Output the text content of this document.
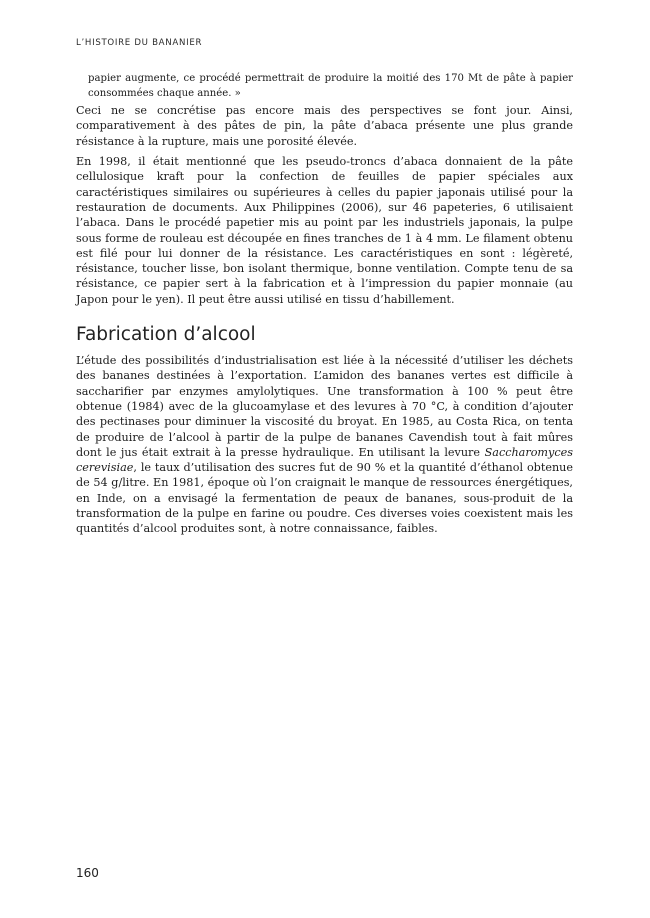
L’HISTOIRE DU BANANIER

papier augmente, ce procédé permettrait de produire la moitié des 170 Mt de pâte à papier consommées chaque année. »

Ceci ne se concrétise pas encore mais des perspectives se font jour. Ainsi, comparativement à des pâtes de pin, la pâte d’abaca présente une plus grande résistance à la rupture, mais une porosité élevée.

En 1998, il était mentionné que les pseudo-troncs d’abaca donnaient de la pâte cellulosique kraft pour la confection de feuilles de papier spéciales aux caractéristiques similaires ou supérieures à celles du papier japonais utilisé pour la restauration de documents. Aux Philippines (2006), sur 46 papeteries, 6 utilisaient l’abaca. Dans le procédé papetier mis au point par les industriels japonais, la pulpe sous forme de rouleau est découpée en fines tranches de 1 à 4 mm. Le filament obtenu est filé pour lui donner de la résistance. Les caractéristiques en sont : légèreté, résistance, toucher lisse, bon isolant thermique, bonne ventilation. Compte tenu de sa résistance, ce papier sert à la fabrication et à l’impression du papier monnaie (au Japon pour le yen). Il peut être aussi utilisé en tissu d’habillement.

Fabrication d’alcool

L’étude des possibilités d’industrialisation est liée à la nécessité d’utiliser les déchets des bananes destinées à l’exportation. L’amidon des bananes vertes est difficile à saccharifier par enzymes amylolytiques. Une transformation à 100 % peut être obtenue (1984) avec de la glucoamylase et des levures à 70 °C, à condition d’ajouter des pectinases pour diminuer la viscosité du broyat. En 1985, au Costa Rica, on tenta de produire de l’alcool à partir de la pulpe de bananes Cavendish tout à fait mûres dont le jus était extrait à la presse hydraulique. En utilisant la levure Saccharomyces cerevisiae, le taux d’utilisation des sucres fut de 90 % et la quantité d’éthanol obtenue de 54 g/litre. En 1981, époque où l’on craignait le manque de ressources énergétiques, en Inde, on a envisagé la fermentation de peaux de bananes, sous-produit de la transformation de la pulpe en farine ou poudre. Ces diverses voies coexistent mais les quantités d’alcool produites sont, à notre connaissance, faibles.

160
